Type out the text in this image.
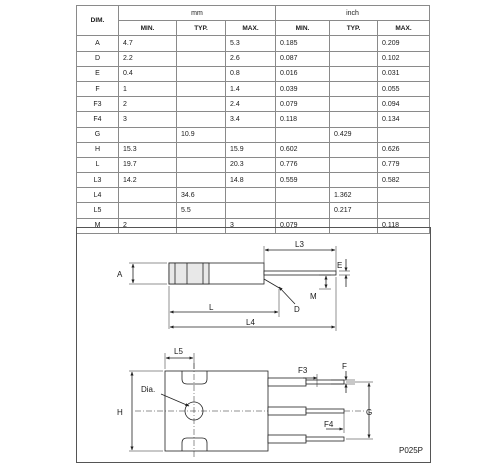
DIM.	mm			inch		
	MIN.	TYP.	MAX.	MIN.	TYP.	MAX.
A	4.7		5.3	0.185		0.209
D	2.2		2.6	0.087		0.102
E	0.4		0.8	0.016		0.031
F	1		1.4	0.039		0.055
F3	2		2.4	0.079		0.094
F4	3		3.4	0.118		0.134
G		10.9			0.429	
H	15.3		15.9	0.602		0.626
L	19.7		20.3	0.776		0.779
L3	14.2		14.8	0.559		0.582
L4		34.6			1.362	
L5		5.5			0.217	
M	2		3	0.079		0.118
A
L3
E
M
D
L
L4
L5
Dia.
H
F3	F
G
F4
P025P
